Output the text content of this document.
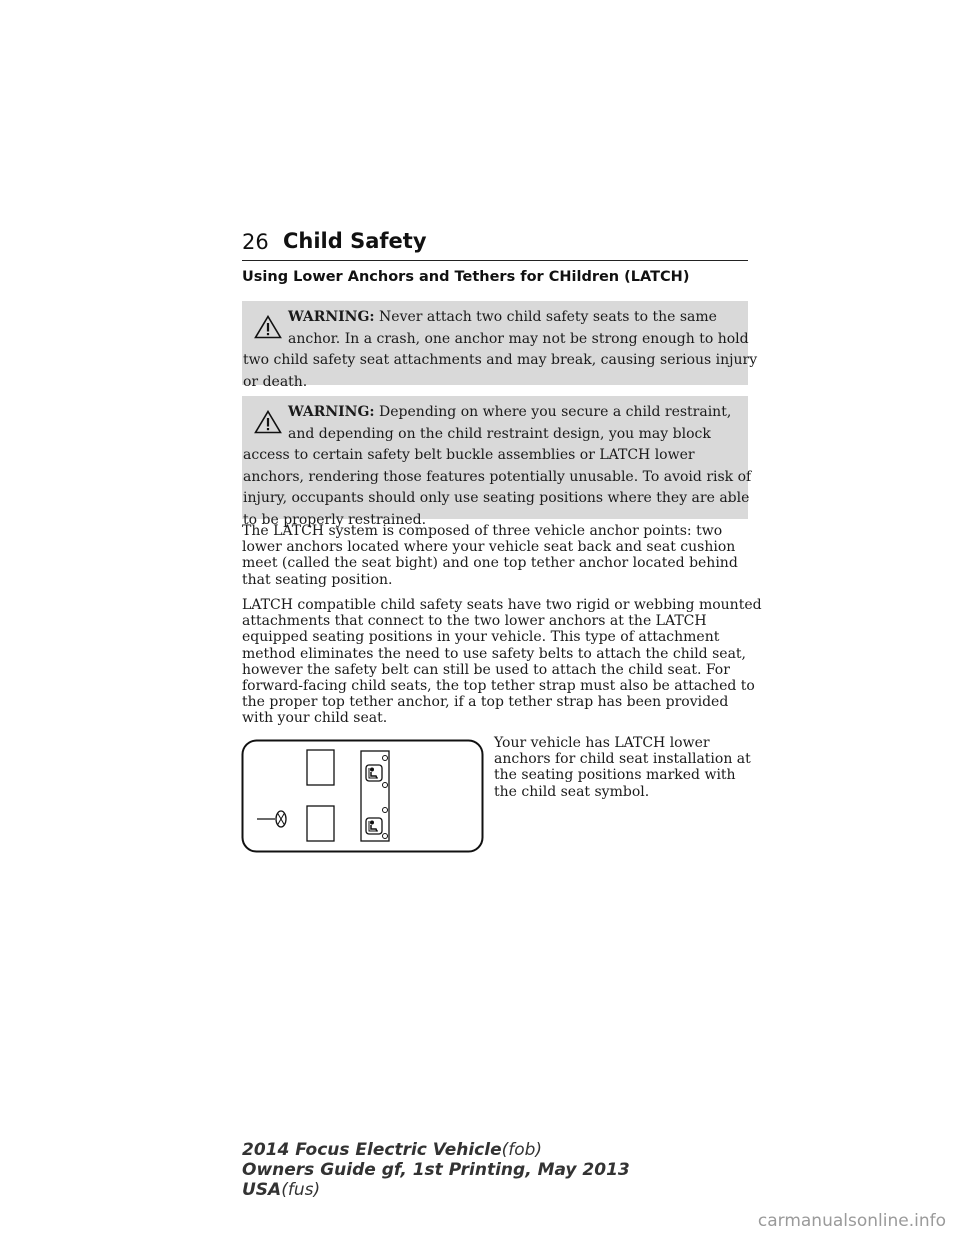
26 Child Safety
Using Lower Anchors and Tethers for CHildren (LATCH)
WARNING: Never attach two child safety seats to the same
anchor. In a crash, one anchor may not be strong enough to hold
two child safety seat attachments and may break, causing serious injury
or death.
WARNING: Depending on where you secure a child restraint,
and depending on the child restraint design, you may block
access to certain safety belt buckle assemblies or LATCH lower
anchors, rendering those features potentially unusable. To avoid risk of
injury, occupants should only use seating positions where they are able
to be properly restrained.
The LATCH system is composed of three vehicle anchor points: two
lower anchors located where your vehicle seat back and seat cushion
meet (called the seat bight) and one top tether anchor located behind
that seating position.
LATCH compatible child safety seats have two rigid or webbing mounted
attachments that connect to the two lower anchors at the LATCH
equipped seating positions in your vehicle. This type of attachment
method eliminates the need to use safety belts to attach the child seat,
however the safety belt can still be used to attach the child seat. For
forward-facing child seats, the top tether strap must also be attached to
the proper top tether anchor, if a top tether strap has been provided
with your child seat.
Your vehicle has LATCH lower
anchors for child seat installation at
the seating positions marked with
the child seat symbol.
2014 Focus Electric Vehicle(fob)
Owners Guide gf, 1st Printing, May 2013
USA(fus)
carmanualsonline.info
